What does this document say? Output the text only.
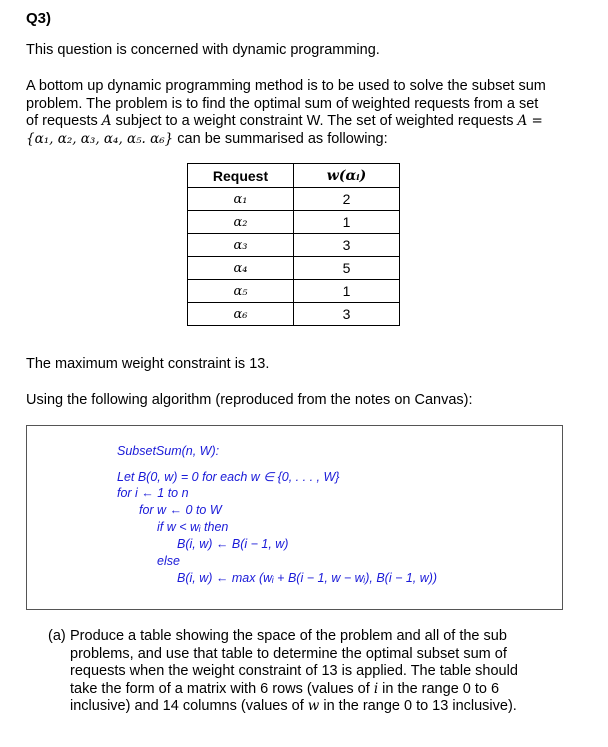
Q3)
This question is concerned with dynamic programming.
A bottom up dynamic programming method is to be used to solve the subset sum
problem. The problem is to find the optimal sum of weighted requests from a set
of requests A subject to a weight constraint W. The set of weighted requests A =
{α₁, α₂, α₃, α₄, α₅. α₆} can be summarised as following:
Request	w(αᵢ)
α₁	2
α₂	1
α₃	3
α₄	5
α₅	1
α₆	3
The maximum weight constraint is 13.
Using the following algorithm (reproduced from the notes on Canvas):
SubsetSum(n, W):
Let B(0, w) = 0 for each w ∈ {0, . . . , W}
for i ← 1 to n
for w ← 0 to W
if w < wᵢ then
B(i, w) ← B(i − 1, w)
else
B(i, w) ← max (wᵢ + B(i − 1, w − wᵢ), B(i − 1, w))
(a) Produce a table showing the space of the problem and all of the sub
problems, and use that table to determine the optimal subset sum of
requests when the weight constraint of 13 is applied. The table should
take the form of a matrix with 6 rows (values of i in the range 0 to 6
inclusive) and 14 columns (values of w in the range 0 to 13 inclusive).
